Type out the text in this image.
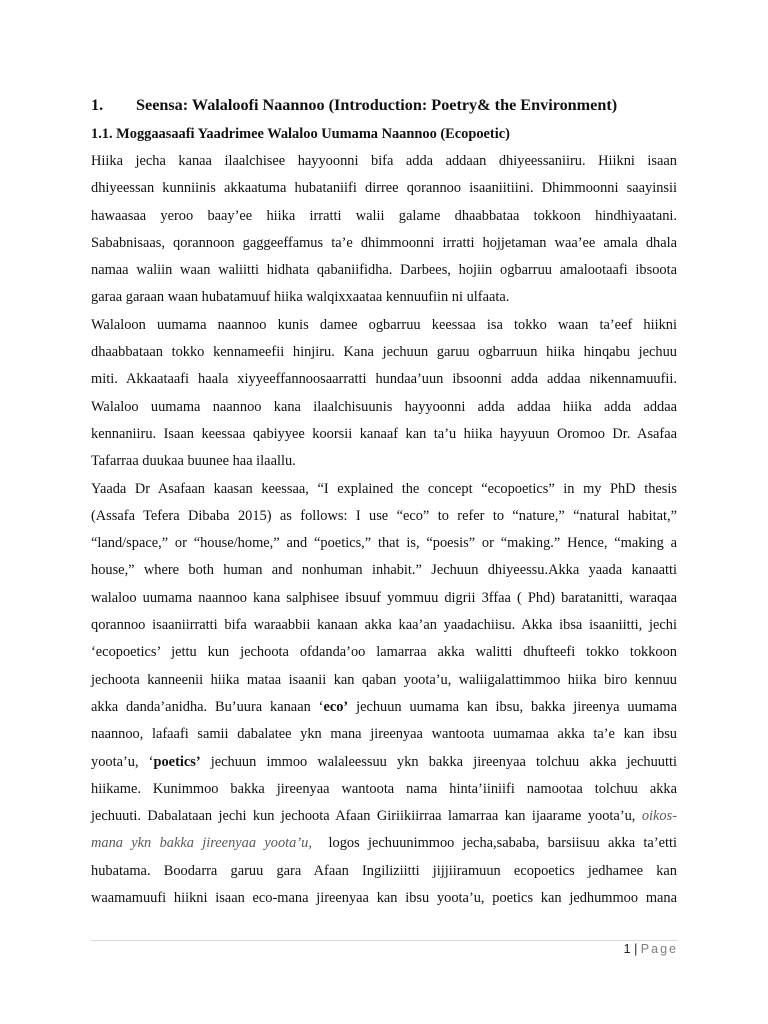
1.	Seensa: Walaloofi Naannoo (Introduction: Poetry& the Environment)
1.1. Moggaasaafi Yaadrimee Walaloo Uumama Naannoo (Ecopoetic)

Hiika jecha kanaa ilaalchisee hayyoonni bifa adda addaan dhiyeessaniiru. Hiikni isaan
dhiyeessan kunniinis akkaatuma hubataniifi dirree qorannoo isaaniitiini. Dhimmoonni saayinsii
hawaasaa yeroo baay’ee hiika irratti walii galame dhaabbataa tokkoon hindhiyaatani.
Sababnisaas, qorannoon gaggeeffamus ta’e dhimmoonni irratti hojjetaman waa’ee amala dhala
namaa waliin waan waliitti hidhata qabaniifidha. Darbees, hojiin ogbarruu amalootaafi ibsoota
garaa garaan waan hubatamuuf hiika walqixxaataa kennuufiin ni ulfaata.

Walaloon uumama naannoo kunis damee ogbarruu keessaa isa tokko waan ta’eef hiikni
dhaabbataan tokko kennameefii hinjiru. Kana jechuun garuu ogbarruun hiika hinqabu jechuu
miti. Akkaataafi haala xiyyeeffannoosaarratti hundaa’uun ibsoonni adda addaa nikennamuufii.
Walaloo uumama naannoo kana ilaalchisuunis hayyoonni adda addaa hiika adda addaa
kennaniiru. Isaan keessaa qabiyyee koorsii kanaaf kan ta’u hiika hayyuun Oromoo Dr. Asafaa
Tafarraa duukaa buunee haa ilaallu.

Yaada Dr Asafaan kaasan keessaa, “I explained the concept “ecopoetics” in my PhD thesis
(Assafa Tefera Dibaba 2015) as follows: I use “eco” to refer to “nature,” “natural habitat,”
“land/space,” or “house/home,” and “poetics,” that is, “poesis” or “making.” Hence, “making a
house,” where both human and nonhuman inhabit.” Jechuun dhiyeessu.Akka yaada kanaatti
walaloo uumama naannoo kana salphisee ibsuuf yommuu digrii 3ffaa ( Phd) baratanitti, waraqaa
qorannoo isaaniirratti bifa waraabbii kanaan akka kaa’an yaadachiisu. Akka ibsa isaaniitti, jechi
‘ecopoetics’ jettu kun jechoota ofdanda’oo lamarraa akka walitti dhufteefi tokko tokkoon
jechoota kanneenii hiika mataa isaanii kan qaban yoota’u, waliigalattimmoo hiika biro kennuu
akka danda’anidha. Bu’uura kanaan ‘eco’ jechuun uumama kan ibsu, bakka jireenya uumama
naannoo, lafaafi samii dabalatee ykn mana jireenyaa wantoota uumamaa akka ta’e kan ibsu
yoota’u, ‘poetics’ jechuun immoo walaleessuu ykn bakka jireenyaa tolchuu akka jechuutti
hiikame. Kunimmoo bakka jireenyaa wantoota nama hinta’iiniifi namootaa tolchuu akka
jechuuti. Dabalataan jechi kun jechoota Afaan Giriikiirraa lamarraa kan ijaarame yoota’u, oikos-
mana ykn bakka jireenyaa yoota’u,  logos jechuunimmoo jecha,sababa, barsiisuu akka ta’etti
hubatama. Boodarra garuu gara Afaan Ingiliziitti jijjiiramuun ecopoetics jedhamee kan
waamamuufi hiikni isaan eco-mana jireenyaa kan ibsu yoota’u, poetics kan jedhummoo mana

1 | Page
